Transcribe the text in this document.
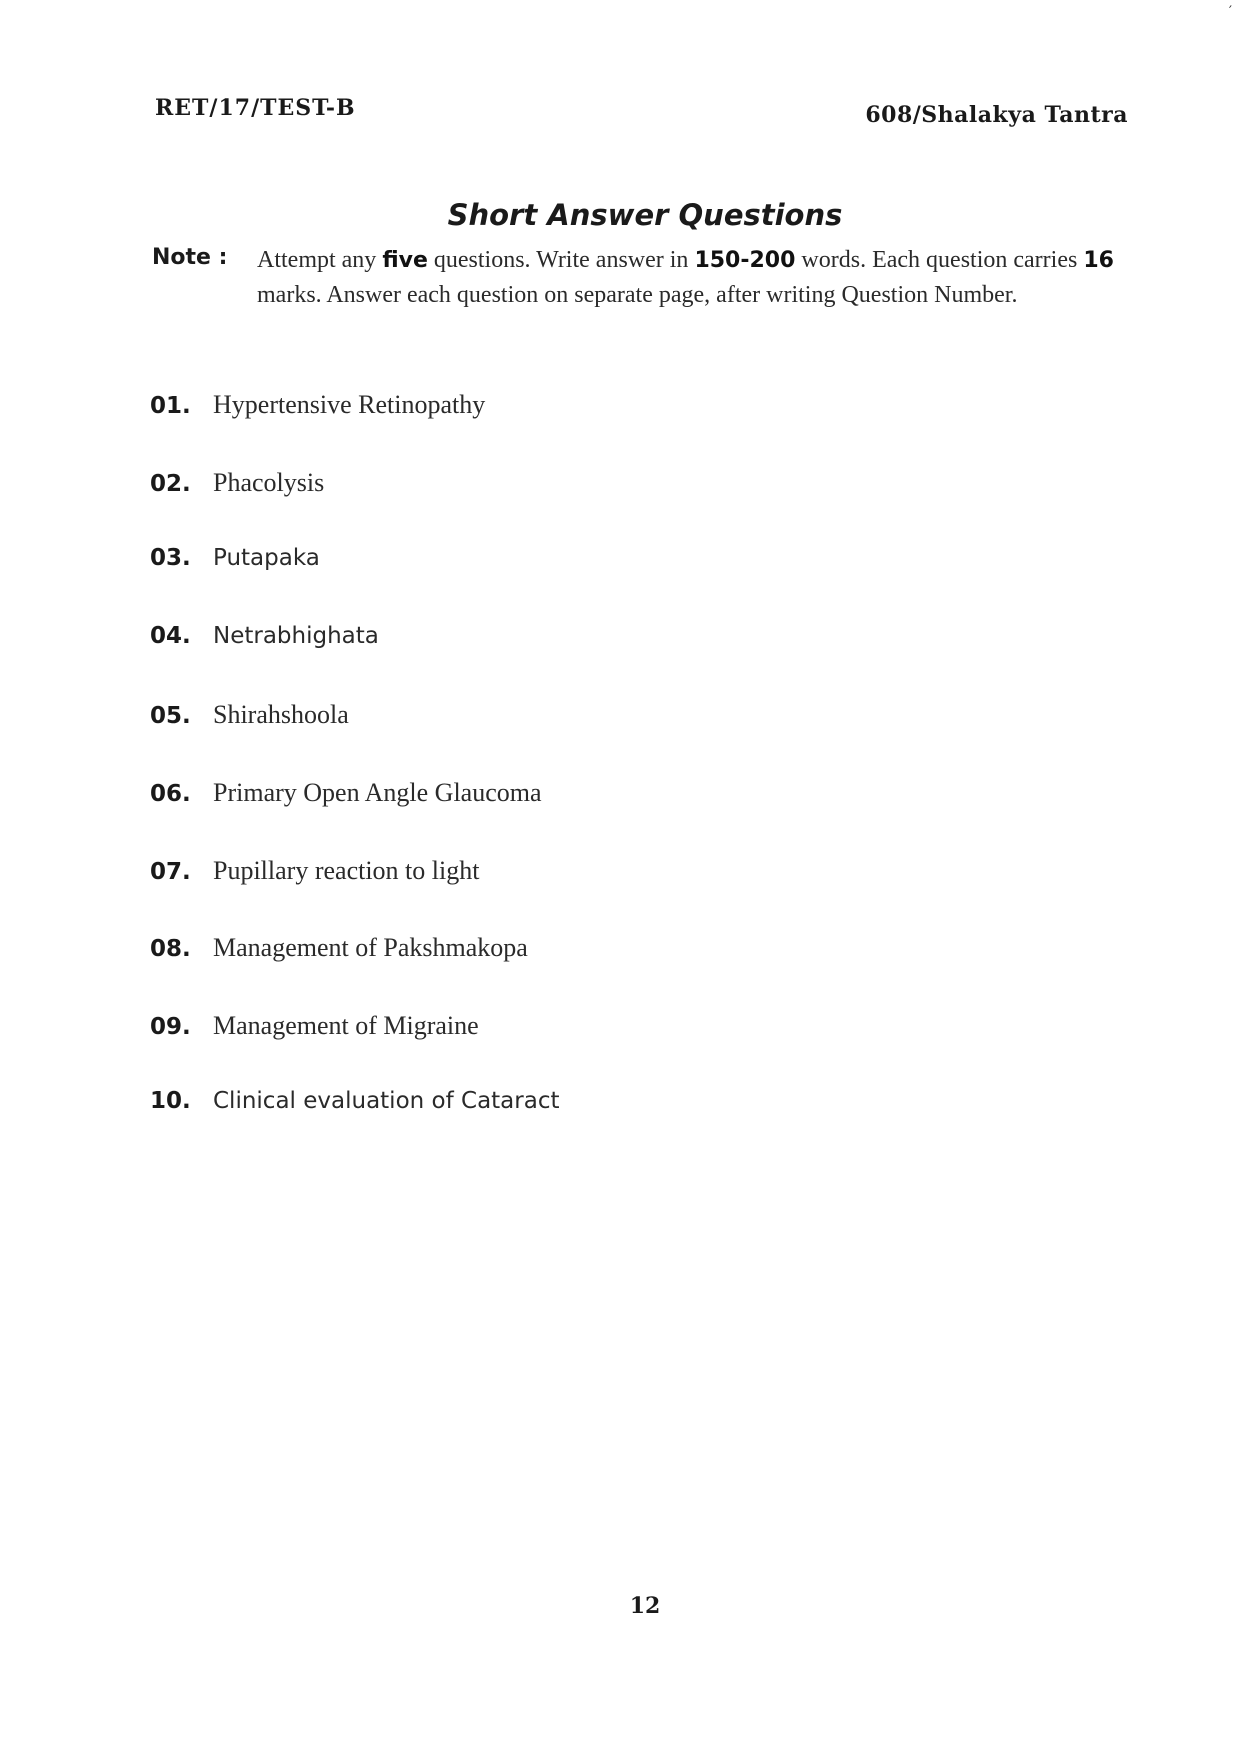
′
RET/17/TEST-B	608/Shalakya Tantra
Short Answer Questions
Note :	Attempt any five questions. Write answer in 150-200 words. Each question carries 16 marks. Answer each question on separate page, after writing Question Number.
01. Hypertensive Retinopathy
02. Phacolysis
03. Putapaka
04. Netrabhighata
05. Shirahshoola
06. Primary Open Angle Glaucoma
07. Pupillary reaction to light
08. Management of Pakshmakopa
09. Management of Migraine
10. Clinical evaluation of Cataract
12
